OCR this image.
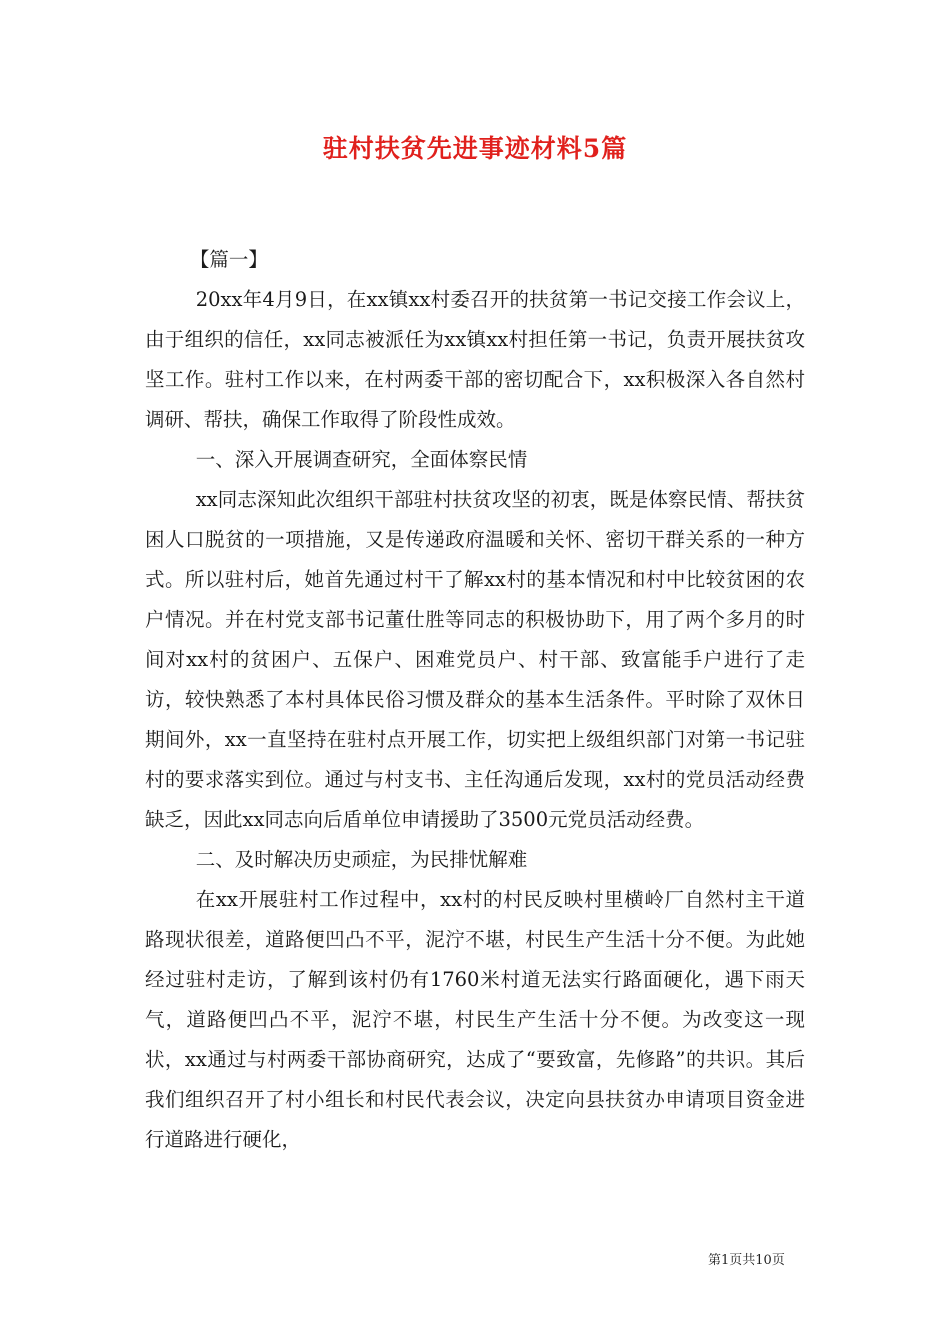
驻村扶贫先进事迹材料5篇

【篇一】

20xx年4月9日，在xx镇xx村委召开的扶贫第一书记交接工作会议上，由于组织的信任，xx同志被派任为xx镇xx村担任第一书记，负责开展扶贫攻坚工作。驻村工作以来，在村两委干部的密切配合下，xx积极深入各自然村调研、帮扶，确保工作取得了阶段性成效。

一、深入开展调查研究，全面体察民情

xx同志深知此次组织干部驻村扶贫攻坚的初衷，既是体察民情、帮扶贫困人口脱贫的一项措施，又是传递政府温暖和关怀、密切干群关系的一种方式。所以驻村后，她首先通过村干了解xx村的基本情况和村中比较贫困的农户情况。并在村党支部书记董仕胜等同志的积极协助下，用了两个多月的时间对xx村的贫困户、五保户、困难党员户、村干部、致富能手户进行了走访，较快熟悉了本村具体民俗习惯及群众的基本生活条件。平时除了双休日期间外，xx一直坚持在驻村点开展工作，切实把上级组织部门对第一书记驻村的要求落实到位。通过与村支书、主任沟通后发现，xx村的党员活动经费缺乏，因此xx同志向后盾单位申请援助了3500元党员活动经费。

二、及时解决历史顽症，为民排忧解难

在xx开展驻村工作过程中，xx村的村民反映村里横岭厂自然村主干道路现状很差，道路便凹凸不平，泥泞不堪，村民生产生活十分不便。为此她经过驻村走访，了解到该村仍有1760米村道无法实行路面硬化，遇下雨天气，道路便凹凸不平，泥泞不堪，村民生产生活十分不便。为改变这一现状，xx通过与村两委干部协商研究，达成了“要致富，先修路”的共识。其后我们组织召开了村小组长和村民代表会议，决定向县扶贫办申请项目资金进行道路进行硬化，

第1页共10页
